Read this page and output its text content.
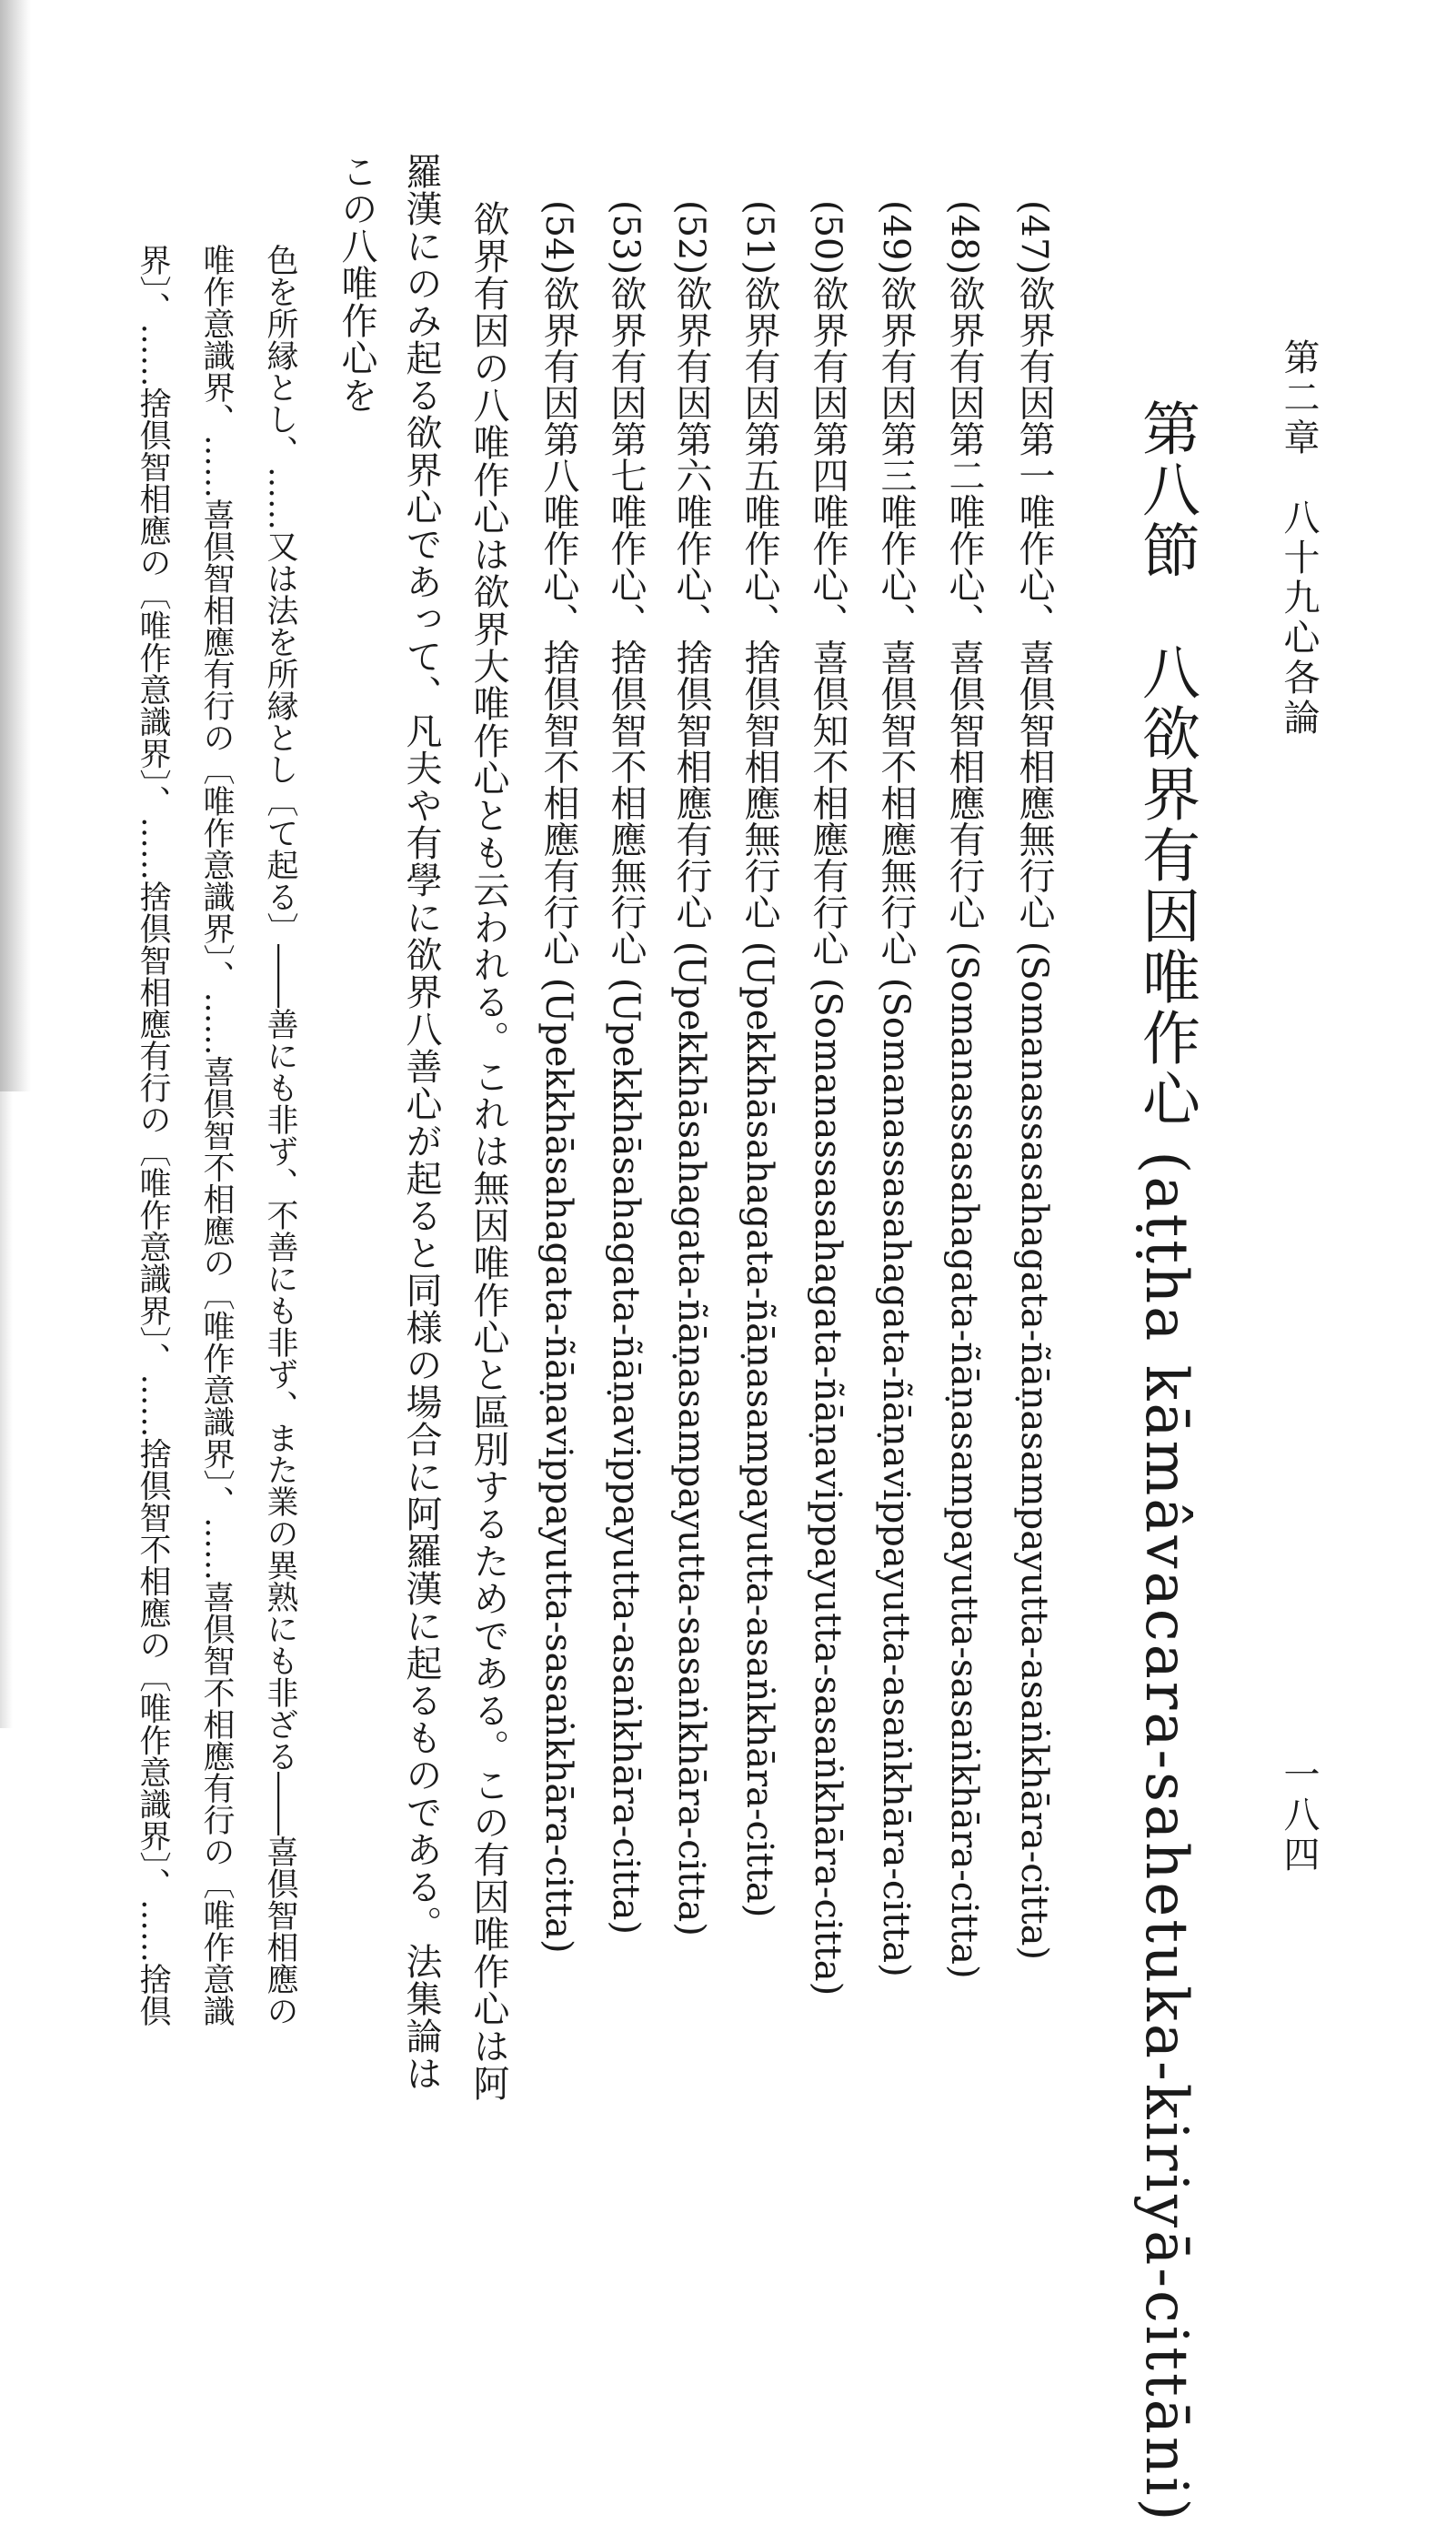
第二章　八十九心各論
一八四
第八節　八欲界有因唯作心 (aṭṭha kāmâvacara-sahetuka-kiriyā-cittāni)
(47)欲界有因第一唯作心、喜倶智相應無行心 (Somanassasahagata-ñāṇasampayutta-asaṅkhāra-citta)
(48)欲界有因第二唯作心、喜倶智相應有行心 (Somanassasahagata-ñāṇasampayutta-sasaṅkhāra-citta)
(49)欲界有因第三唯作心、喜倶智不相應無行心 (Somanassasahagata-ñāṇavippayutta-asaṅkhāra-citta)
(50)欲界有因第四唯作心、喜倶知不相應有行心 (Somanassasahagata-ñāṇavippayutta-sasaṅkhāra-citta)
(51)欲界有因第五唯作心、捨倶智相應無行心 (Upekkhāsahagata-ñāṇasampayutta-asaṅkhāra-citta)
(52)欲界有因第六唯作心、捨倶智相應有行心 (Upekkhāsahagata-ñāṇasampayutta-sasaṅkhāra-citta)
(53)欲界有因第七唯作心、捨倶智不相應無行心 (Upekkhāsahagata-ñāṇavippayutta-asaṅkhāra-citta)
(54)欲界有因第八唯作心、捨倶智不相應有行心 (Upekkhāsahagata-ñāṇavippayutta-sasaṅkhāra-citta)
欲界有因の八唯作心は欲界大唯作心とも云われる。これは無因唯作心と區別するためである。この有因唯作心は阿
羅漢にのみ起る欲界心であって、凡夫や有學に欲界八善心が起ると同様の場合に阿羅漢に起るものである。法集論は
この八唯作心を
色を所縁とし、……又は法を所縁とし〔て起る〕――善にも非ず、不善にも非ず、また業の異熟にも非ざる――喜倶智相應の
唯作意識界、……喜倶智相應有行の〔唯作意識界〕、……喜倶智不相應の〔唯作意識界〕、……喜倶智不相應有行の〔唯作意識
界〕、……捨倶智相應の〔唯作意識界〕、……捨倶智相應有行の〔唯作意識界〕、……捨倶智不相應の〔唯作意識界〕、……捨倶
